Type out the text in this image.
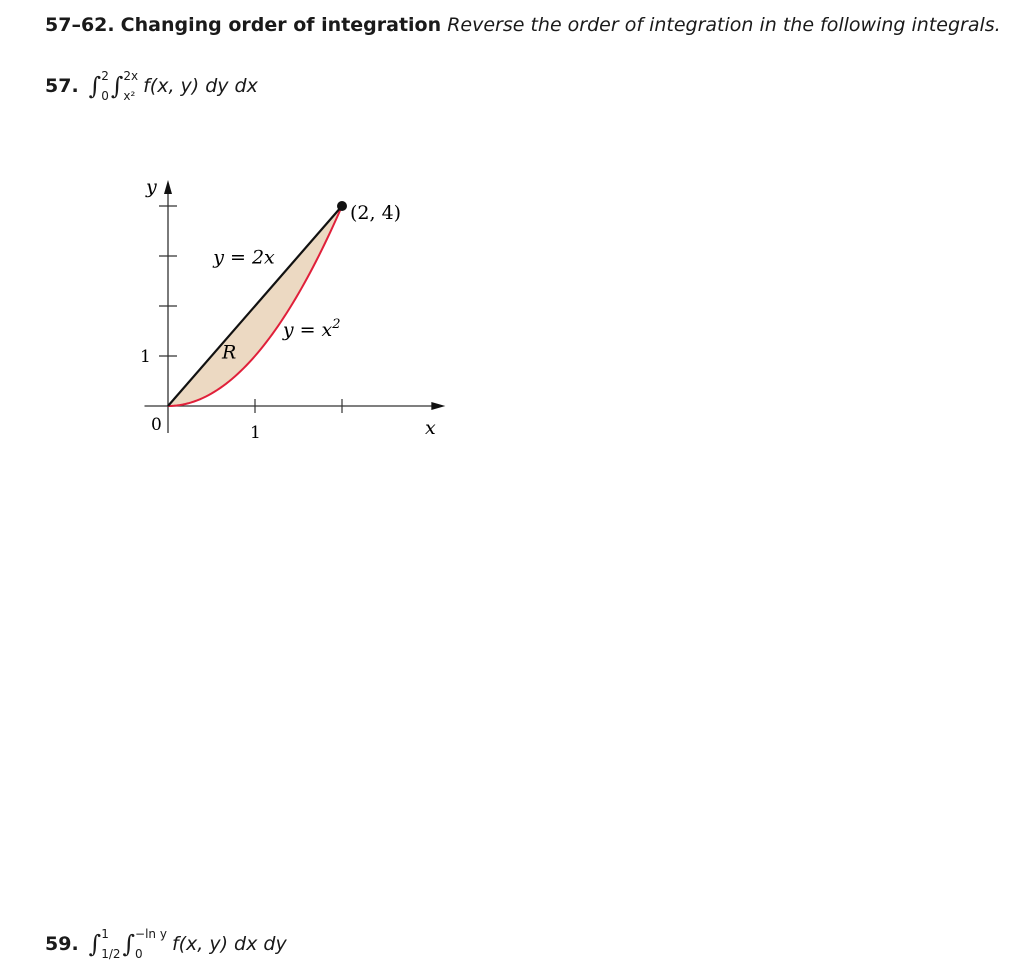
57–62. Changing order of integration Reverse the order of integration in the following integrals.
57. ∫ 2
0 ∫ 2x
x² f(x, y) dy dx
y
x
0	1
1
(2, 4)
y = 2x
$y = x^2$
R
59. ∫ 1
1/2 ∫ −ln y
0	f(x, y) dx dy
